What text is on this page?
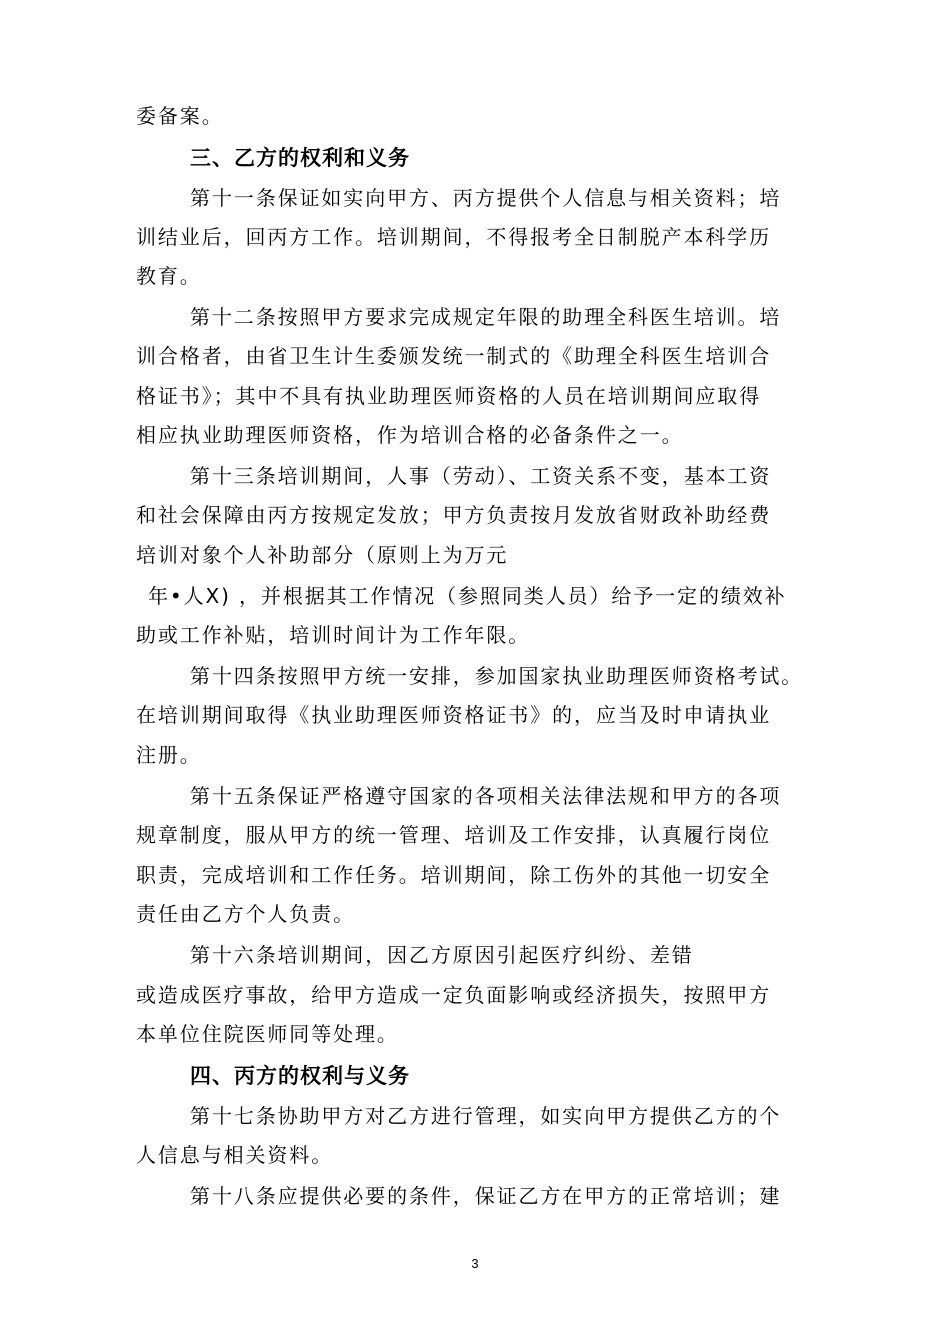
委备案。
三、乙方的权利和义务
第十一条保证如实向甲方、丙方提供个人信息与相关资料；培
训结业后，回丙方工作。培训期间，不得报考全日制脱产本科学历
教育。
第十二条按照甲方要求完成规定年限的助理全科医生培训。培
训合格者，由省卫生计生委颁发统一制式的《助理全科医生培训合
格证书》；其中不具有执业助理医师资格的人员在培训期间应取得
相应执业助理医师资格，作为培训合格的必备条件之一。
第十三条培训期间，人事（劳动）、工资关系不变，基本工资
和社会保障由丙方按规定发放；甲方负责按月发放省财政补助经费
培训对象个人补助部分（原则上为万元
年•人X) ，并根据其工作情况（参照同类人员）给予一定的绩效补
助或工作补贴，培训时间计为工作年限。
第十四条按照甲方统一安排，参加国家执业助理医师资格考试。
在培训期间取得《执业助理医师资格证书》的，应当及时申请执业
注册。
第十五条保证严格遵守国家的各项相关法律法规和甲方的各项
规章制度，服从甲方的统一管理、培训及工作安排，认真履行岗位
职责，完成培训和工作任务。培训期间，除工伤外的其他一切安全
责任由乙方个人负责。
第十六条培训期间，因乙方原因引起医疗纠纷、差错
或造成医疗事故，给甲方造成一定负面影响或经济损失，按照甲方
本单位住院医师同等处理。
四、丙方的权利与义务
第十七条协助甲方对乙方进行管理，如实向甲方提供乙方的个
人信息与相关资料。
第十八条应提供必要的条件，保证乙方在甲方的正常培训；建
3
